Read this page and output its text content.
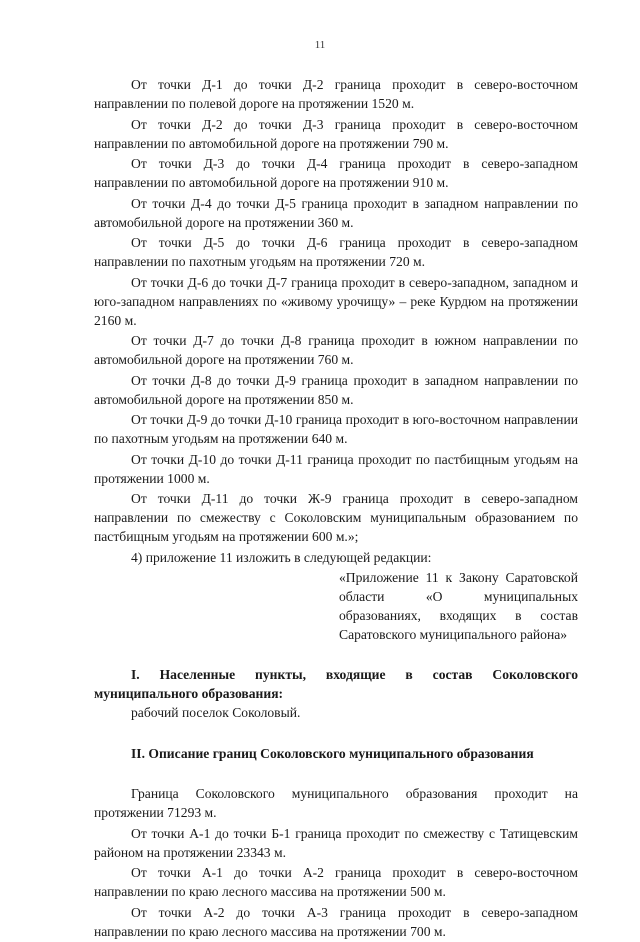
11

От точки Д-1 до точки Д-2 граница проходит в северо-восточном направлении по полевой дороге на протяжении 1520 м.

От точки Д-2 до точки Д-3 граница проходит в северо-восточном направлении по автомобильной дороге на протяжении 790 м.

От точки Д-3 до точки Д-4 граница проходит в северо-западном направлении по автомобильной дороге на протяжении 910 м.

От точки Д-4 до точки Д-5 граница проходит в западном направлении по автомобильной дороге на протяжении 360 м.

От точки Д-5 до точки Д-6 граница проходит в северо-западном направлении по пахотным угодьям на протяжении 720 м.

От точки Д-6 до точки Д-7 граница проходит в северо-западном, западном и юго-западном направлениях по «живому урочищу» – реке Курдюм на протяжении 2160 м.

От точки Д-7 до точки Д-8 граница проходит в южном направлении по автомобильной дороге на протяжении 760 м.

От точки Д-8 до точки Д-9 граница проходит в западном направлении по автомобильной дороге на протяжении 850 м.

От точки Д-9 до точки Д-10 граница проходит в юго-восточном направлении по пахотным угодьям на протяжении 640 м.

От точки Д-10 до точки Д-11 граница проходит по пастбищным угодьям на протяжении 1000 м.

От точки Д-11 до точки Ж-9 граница проходит в северо-западном направлении по смежеству с Соколовским муниципальным образованием по пастбищным угодьям на протяжении 600 м.»;

4) приложение 11 изложить в следующей редакции:

«Приложение 11 к Закону Саратовской области «О муниципальных образованиях, входящих в состав Саратовского муниципального района»

I. Населенные пункты, входящие в состав Соколовского муниципального образования:

рабочий поселок Соколовый.

II. Описание границ Соколовского муниципального образования

Граница Соколовского муниципального образования проходит на протяжении 71293 м.

От точки А-1 до точки Б-1 граница проходит по смежеству с Татищевским районом на протяжении 23343 м.

От точки А-1 до точки А-2 граница проходит в северо-восточном направлении по краю лесного массива на протяжении 500 м.

От точки А-2 до точки А-3 граница проходит в северо-западном направлении по краю лесного массива на протяжении 700 м.
